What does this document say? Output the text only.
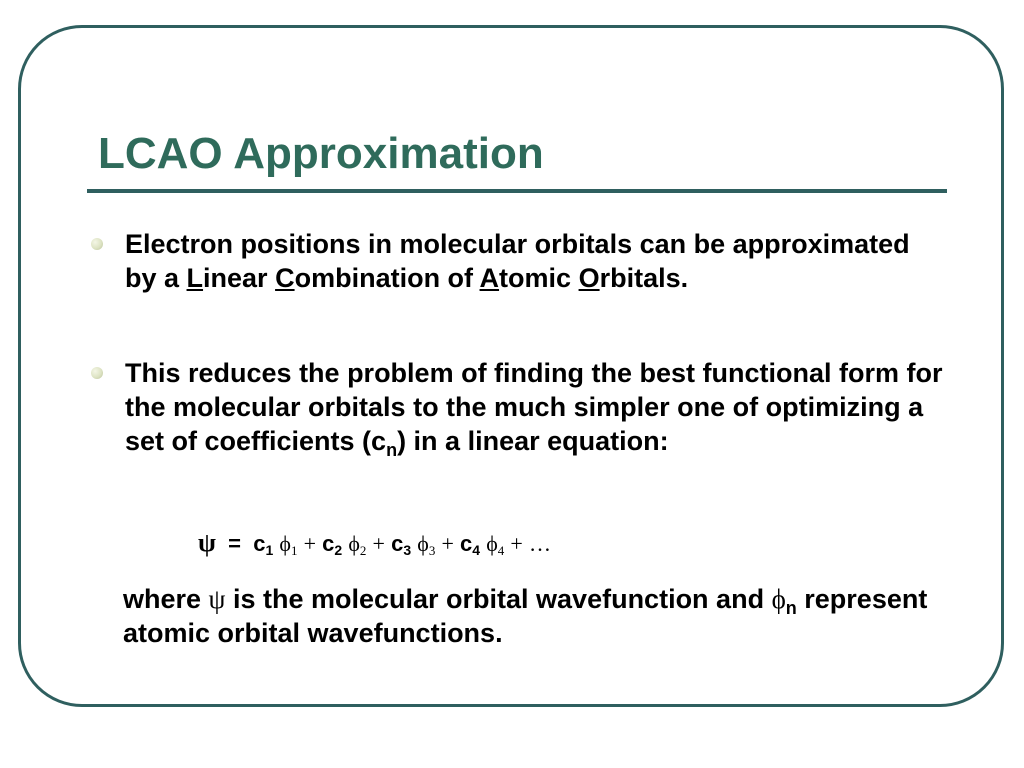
LCAO Approximation
Electron positions in molecular orbitals can be approximated by a Linear Combination of Atomic Orbitals.
This reduces the problem of finding the best functional form for the molecular orbitals to the much simpler one of optimizing a set of coefficients $(c_n)$ in a linear equation:
$\psi = c_1$ $\phi_1 + c_2$ $\phi_2 + c_3$ $\phi_3 + c_4$ $\phi_4$ + …
where ψ is the molecular orbital wavefunction and $\phi_n$ represent atomic orbital wavefunctions.
